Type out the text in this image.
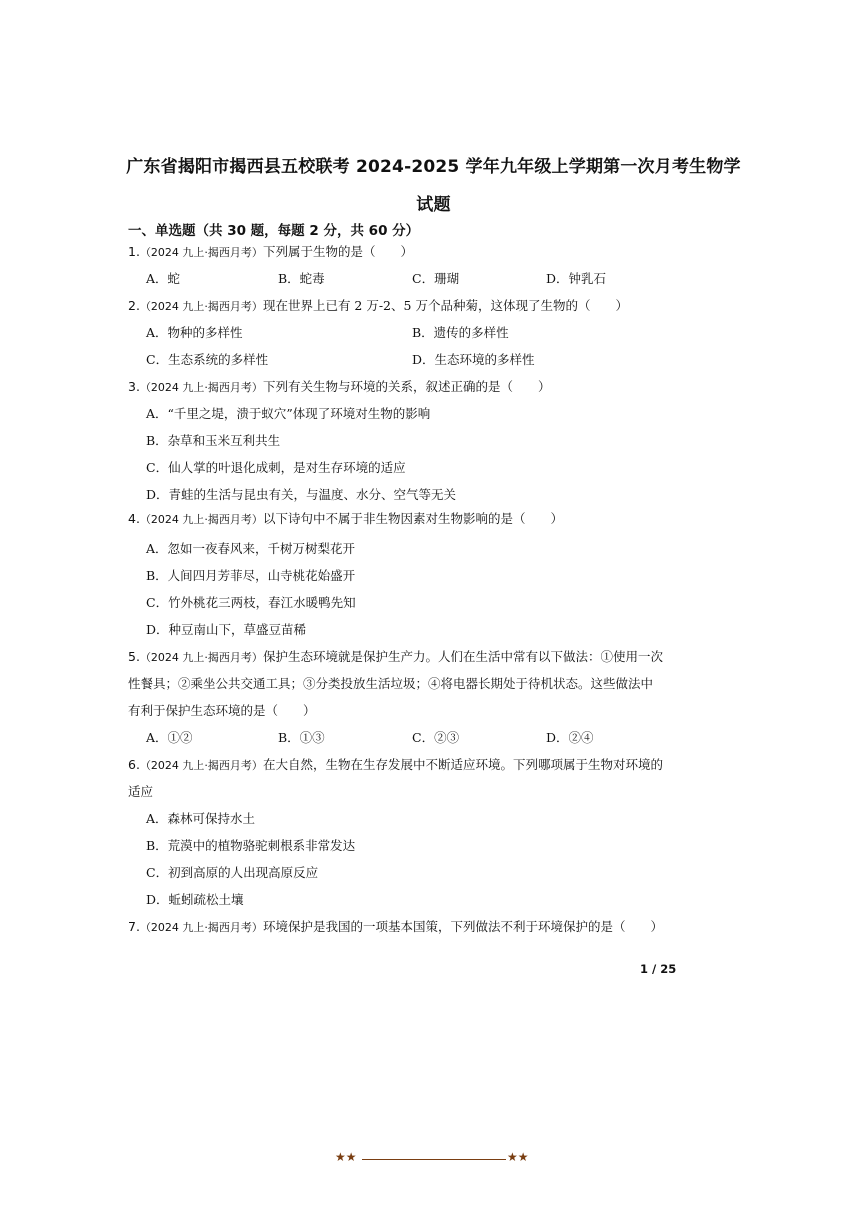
广东省揭阳市揭西县五校联考 2024-2025 学年九年级上学期第一次月考生物学
试题
一、单选题（共 30 题，每题 2 分，共 60 分）
1.（2024 九上·揭西月考）下列属于生物的是（　　）
A．蛇	B．蛇毒	C．珊瑚	D．钟乳石
2.（2024 九上·揭西月考）现在世界上已有 2 万-2、5 万个品种菊，这体现了生物的（　　）
A．物种的多样性	B．遗传的多样性
C．生态系统的多样性	D．生态环境的多样性
3.（2024 九上·揭西月考）下列有关生物与环境的关系，叙述正确的是（　　）
A．“千里之堤，溃于蚁穴”体现了环境对生物的影响
B．杂草和玉米互利共生
C．仙人掌的叶退化成刺，是对生存环境的适应
D．青蛙的生活与昆虫有关，与温度、水分、空气等无关
4.（2024 九上·揭西月考）以下诗句中不属于非生物因素对生物影响的是（　　）
A．忽如一夜春风来，千树万树梨花开
B．人间四月芳菲尽，山寺桃花始盛开
C．竹外桃花三两枝，春江水暖鸭先知
D．种豆南山下，草盛豆苗稀
5.（2024 九上·揭西月考）保护生态环境就是保护生产力。人们在生活中常有以下做法：①使用一次
性餐具；②乘坐公共交通工具；③分类投放生活垃圾；④将电器长期处于待机状态。这些做法中
有利于保护生态环境的是（　　）
A．①②	B．①③	C．②③	D．②④
6.（2024 九上·揭西月考）在大自然，生物在生存发展中不断适应环境。下列哪项属于生物对环境的
适应
A．森林可保持水土
B．荒漠中的植物骆驼刺根系非常发达
C．初到高原的人出现高原反应
D．蚯蚓疏松土壤
7.（2024 九上·揭西月考）环境保护是我国的一项基本国策，下列做法不利于环境保护的是（　　）
1 / 25
★★	★★
